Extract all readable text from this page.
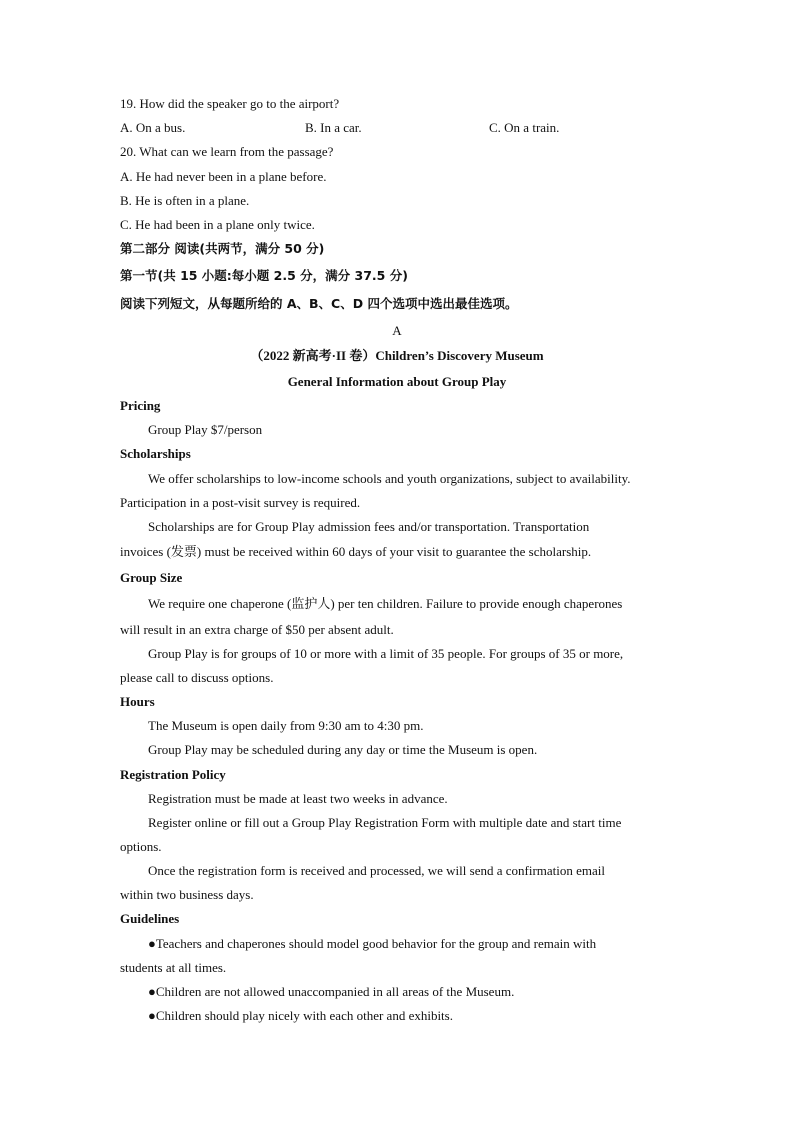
19. How did the speaker go to the airport?
A. On a bus.	B. In a car.	C. On a train.
20. What can we learn from the passage?
A. He had never been in a plane before.
B. He is often in a plane.
C. He had been in a plane only twice.
第二部分 阅读(共两节，满分 50 分)
第一节(共 15 小题:每小题 2.5 分，满分 37.5 分)
阅读下列短文，从每题所给的 A、B、C、D 四个选项中选出最佳选项。
A
（2022 新高考·II 卷）Children’s Discovery Museum
General Information about Group Play
Pricing
Group Play $7/person
Scholarships
We offer scholarships to low-income schools and youth organizations, subject to availability.
Participation in a post-visit survey is required.
Scholarships are for Group Play admission fees and/or transportation. Transportation
invoices (发票) must be received within 60 days of your visit to guarantee the scholarship.
Group Size
We require one chaperone (监护人) per ten children. Failure to provide enough chaperones
will result in an extra charge of $50 per absent adult.
Group Play is for groups of 10 or more with a limit of 35 people. For groups of 35 or more,
please call to discuss options.
Hours
The Museum is open daily from 9:30 am to 4:30 pm.
Group Play may be scheduled during any day or time the Museum is open.
Registration Policy
Registration must be made at least two weeks in advance.
Register online or fill out a Group Play Registration Form with multiple date and start time
options.
Once the registration form is received and processed, we will send a confirmation email
within two business days.
Guidelines
●Teachers and chaperones should model good behavior for the group and remain with
students at all times.
●Children are not allowed unaccompanied in all areas of the Museum.
●Children should play nicely with each other and exhibits.
